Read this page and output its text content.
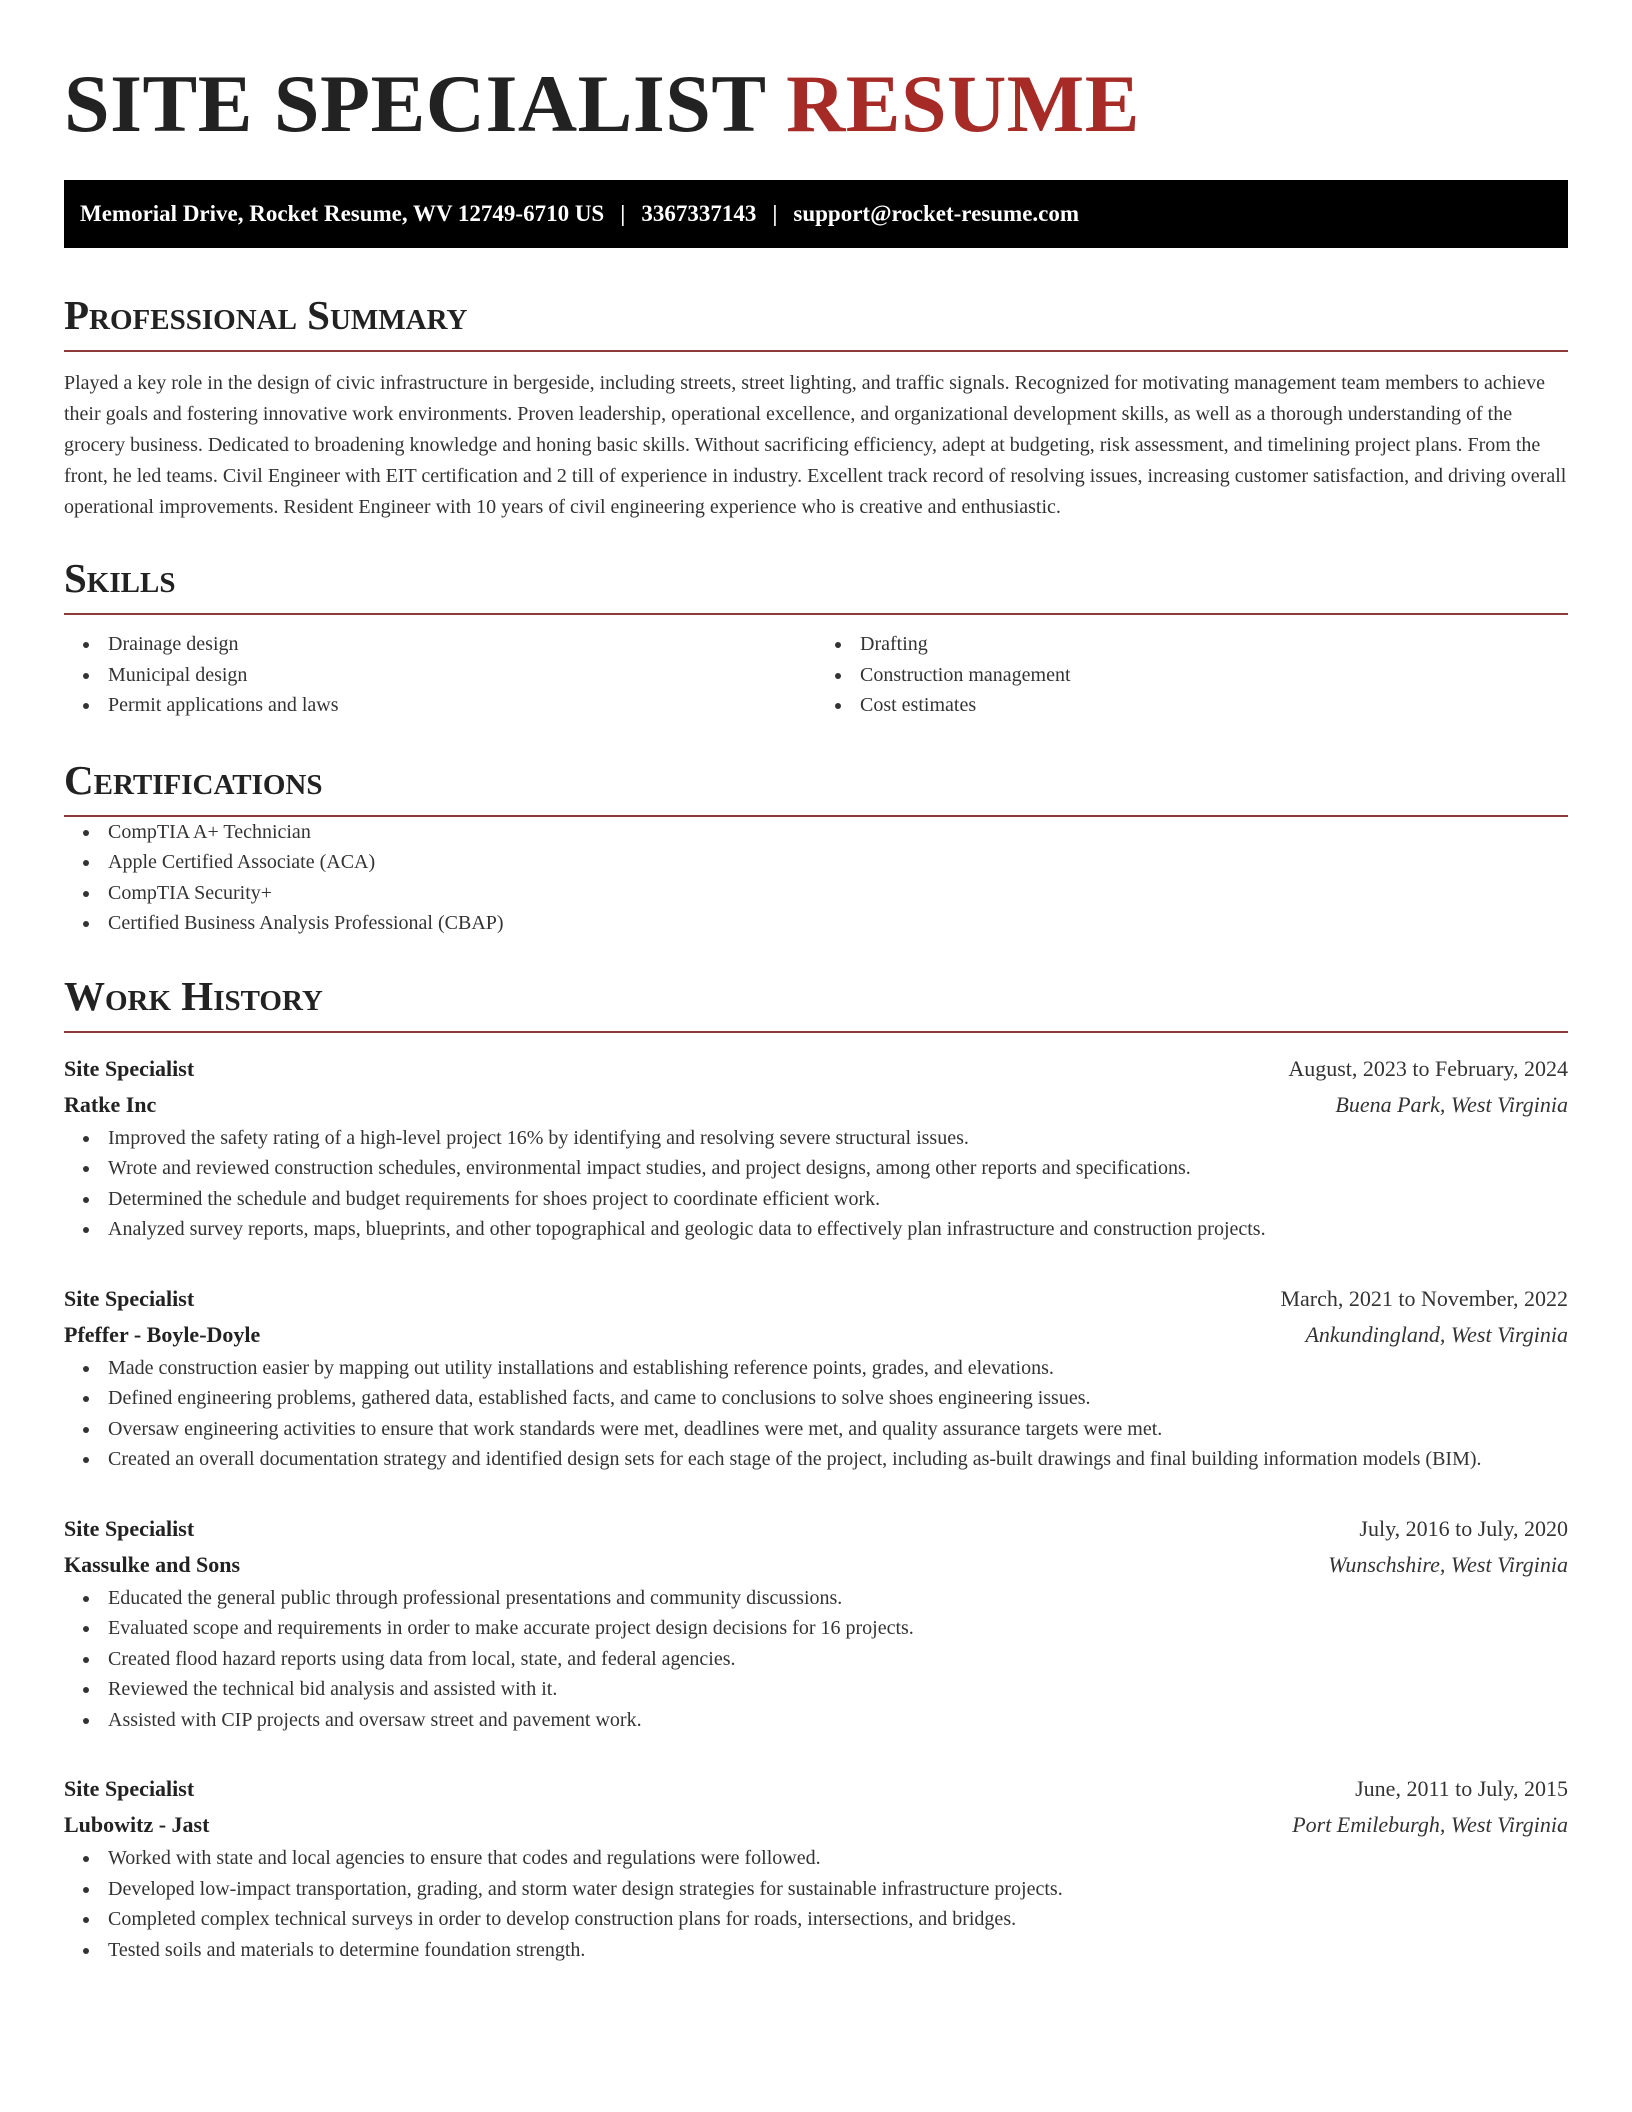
SITE SPECIALIST RESUME
Memorial Drive, Rocket Resume, WV 12749-6710 US | 3367337143 | support@rocket-resume.com
Professional Summary

Played a key role in the design of civic infrastructure in bergeside, including streets, street lighting, and traffic signals. Recognized for motivating management team members to achieve their goals and fostering innovative work environments. Proven leadership, operational excellence, and organizational development skills, as well as a thorough understanding of the grocery business. Dedicated to broadening knowledge and honing basic skills. Without sacrificing efficiency, adept at budgeting, risk assessment, and timelining project plans. From the front, he led teams. Civil Engineer with EIT certification and 2 till of experience in industry. Excellent track record of resolving issues, increasing customer satisfaction, and driving overall operational improvements. Resident Engineer with 10 years of civil engineering experience who is creative and enthusiastic.

Skills
Drainage design
Municipal design
Permit applications and laws
Drafting
Construction management
Cost estimates
Certifications
CompTIA A+ Technician
Apple Certified Associate (ACA)
CompTIA Security+
Certified Business Analysis Professional (CBAP)
Work History
Site Specialist	August, 2023 to February, 2024
Ratke Inc	Buena Park, West Virginia
Improved the safety rating of a high-level project 16% by identifying and resolving severe structural issues.
Wrote and reviewed construction schedules, environmental impact studies, and project designs, among other reports and specifications.
Determined the schedule and budget requirements for shoes project to coordinate efficient work.
Analyzed survey reports, maps, blueprints, and other topographical and geologic data to effectively plan infrastructure and construction projects.
Site Specialist	March, 2021 to November, 2022
Pfeffer - Boyle-Doyle	Ankundingland, West Virginia
Made construction easier by mapping out utility installations and establishing reference points, grades, and elevations.
Defined engineering problems, gathered data, established facts, and came to conclusions to solve shoes engineering issues.
Oversaw engineering activities to ensure that work standards were met, deadlines were met, and quality assurance targets were met.
Created an overall documentation strategy and identified design sets for each stage of the project, including as-built drawings and final building information models (BIM).
Site Specialist	July, 2016 to July, 2020
Kassulke and Sons	Wunschshire, West Virginia
Educated the general public through professional presentations and community discussions.
Evaluated scope and requirements in order to make accurate project design decisions for 16 projects.
Created flood hazard reports using data from local, state, and federal agencies.
Reviewed the technical bid analysis and assisted with it.
Assisted with CIP projects and oversaw street and pavement work.
Site Specialist	June, 2011 to July, 2015
Lubowitz - Jast	Port Emileburgh, West Virginia
Worked with state and local agencies to ensure that codes and regulations were followed.
Developed low-impact transportation, grading, and storm water design strategies for sustainable infrastructure projects.
Completed complex technical surveys in order to develop construction plans for roads, intersections, and bridges.
Tested soils and materials to determine foundation strength.
